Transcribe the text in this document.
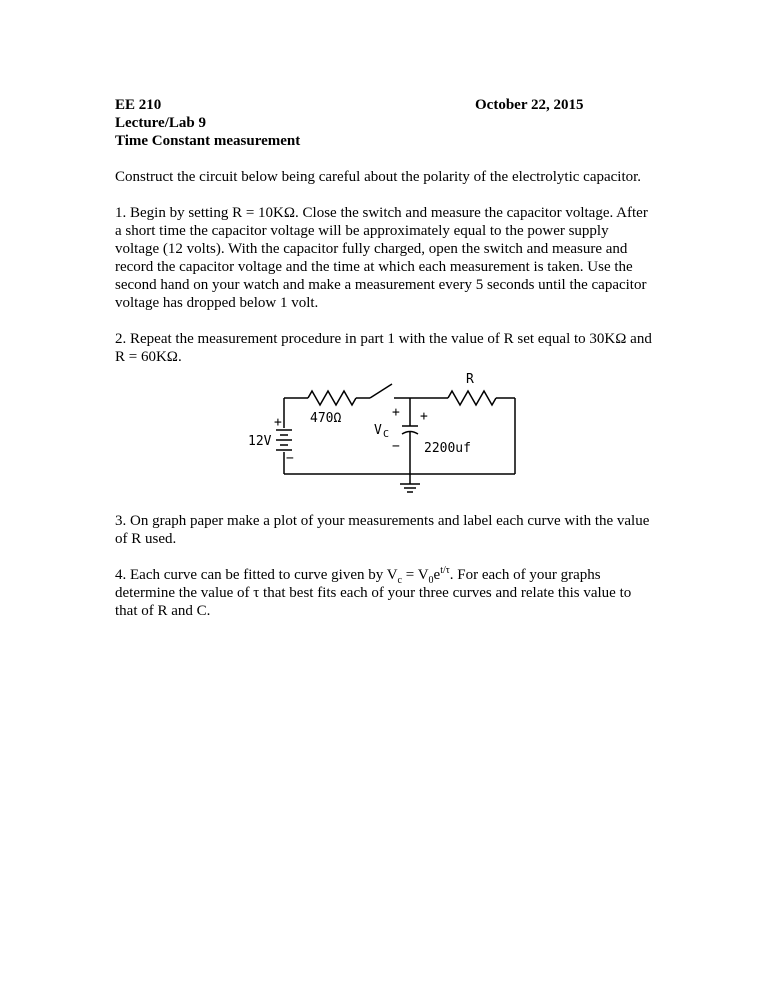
EE 210	October 22, 2015
Lecture/Lab 9
Time Constant measurement

Construct the circuit below being careful about the polarity of the electrolytic capacitor.

1. Begin by setting R = 10KΩ. Close the switch and measure the capacitor voltage. After a short time the capacitor voltage will be approximately equal to the power supply voltage (12 volts). With the capacitor fully charged, open the switch and measure and record the capacitor voltage and the time at which each measurement is taken. Use the second hand on your watch and make a measurement every 5 seconds until the capacitor voltage has dropped below 1 volt.

2. Repeat the measurement procedure in part 1 with the value of R set equal to 30KΩ and R = 60KΩ.

R
470Ω
12V
+
−
+
V C
−
+
2200uf

3. On graph paper make a plot of your measurements and label each curve with the value of R used.

4. Each curve can be fitted to curve given by $V_c = V_0e^{t/\tau}$. For each of your graphs determine the value of τ that best fits each of your three curves and relate this value to that of R and C.
